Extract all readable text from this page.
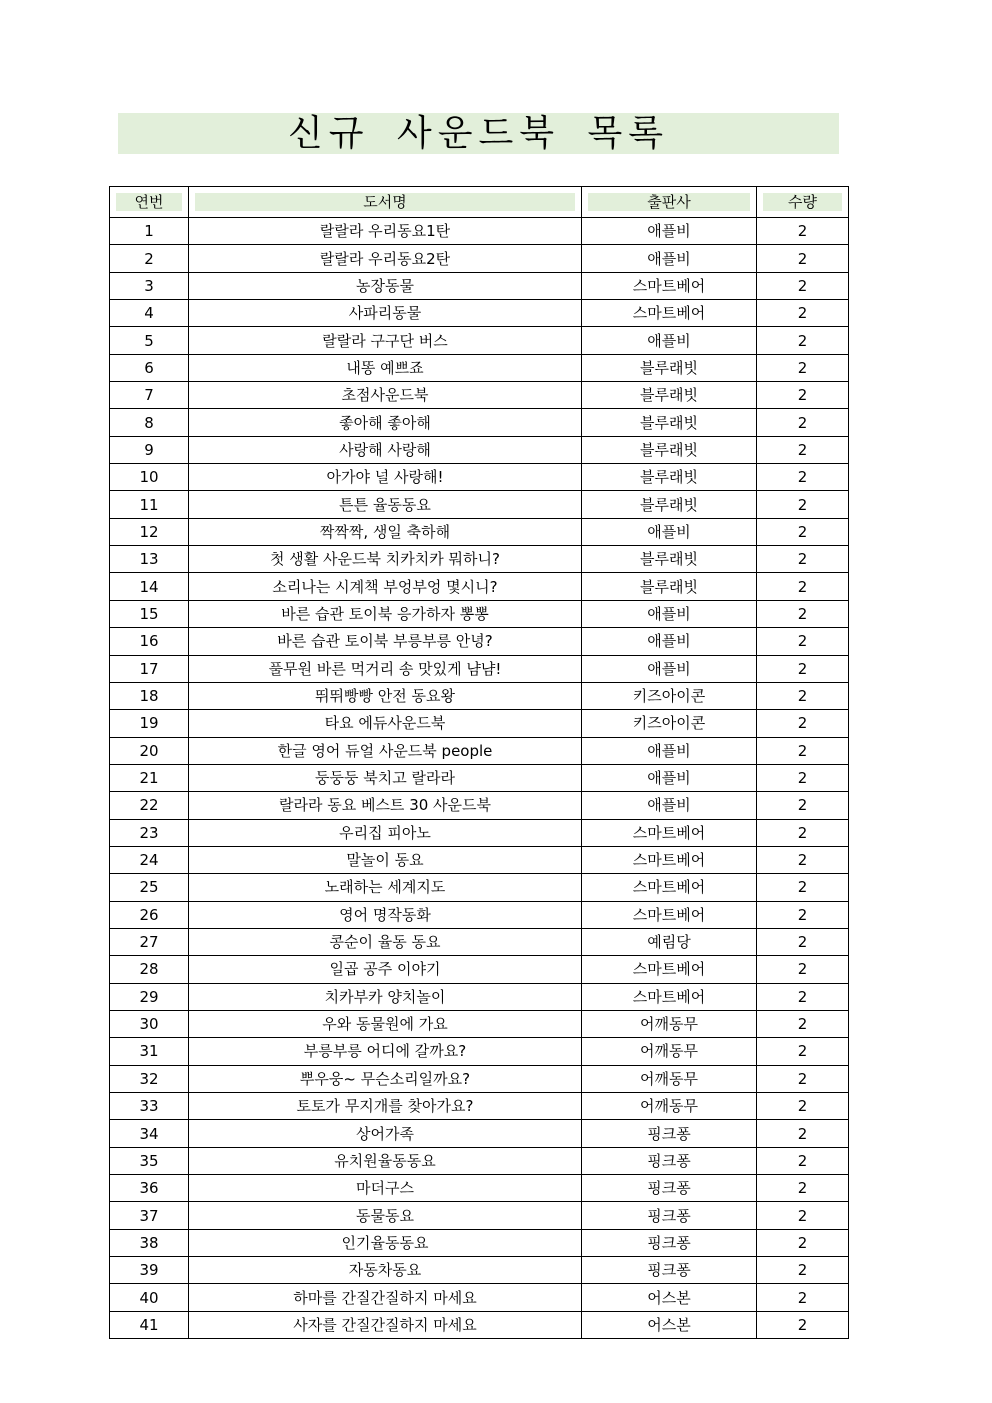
신규 사운드북 목록
연번	도서명	출판사	수량

1	랄랄라 우리동요1탄	애플비	2
2	랄랄라 우리동요2탄	애플비	2
3	농장동물	스마트베어	2
4	사파리동물	스마트베어	2
5	랄랄라 구구단 버스	애플비	2
6	내똥 예쁘죠	블루래빗	2
7	초점사운드북	블루래빗	2
8	좋아해 좋아해	블루래빗	2
9	사랑해 사랑해	블루래빗	2
10	아가야 널 사랑해!	블루래빗	2
11	튼튼 율동동요	블루래빗	2
12	짝짝짝, 생일 축하해	애플비	2
13	첫 생활 사운드북 치카치카 뭐하니?	블루래빗	2
14	소리나는 시계책 부엉부엉 몇시니?	블루래빗	2
15	바른 습관 토이북 응가하자 뽕뽕	애플비	2
16	바른 습관 토이북 부릉부릉 안녕?	애플비	2
17	풀무원 바른 먹거리 송 맛있게 냠냠!	애플비	2
18	뛰뛰빵빵 안전 동요왕	키즈아이콘	2
19	타요 에듀사운드북	키즈아이콘	2
20	한글 영어 듀얼 사운드북 people	애플비	2
21	둥둥둥 북치고 랄라라	애플비	2
22	랄라라 동요 베스트 30 사운드북	애플비	2
23	우리집 피아노	스마트베어	2
24	말놀이 동요	스마트베어	2
25	노래하는 세계지도	스마트베어	2
26	영어 명작동화	스마트베어	2
27	콩순이 율동 동요	예림당	2
28	일곱 공주 이야기	스마트베어	2
29	치카부카 양치놀이	스마트베어	2
30	우와 동물원에 가요	어깨동무	2
31	부릉부릉 어디에 갈까요?	어깨동무	2
32	뿌우웅~ 무슨소리일까요?	어깨동무	2
33	토토가 무지개를 찾아가요?	어깨동무	2
34	상어가족	핑크퐁	2
35	유치원율동동요	핑크퐁	2
36	마더구스	핑크퐁	2
37	동물동요	핑크퐁	2
38	인기율동동요	핑크퐁	2
39	자동차동요	핑크퐁	2
40	하마를 간질간질하지 마세요	어스본	2
41	사자를 간질간질하지 마세요	어스본	2
